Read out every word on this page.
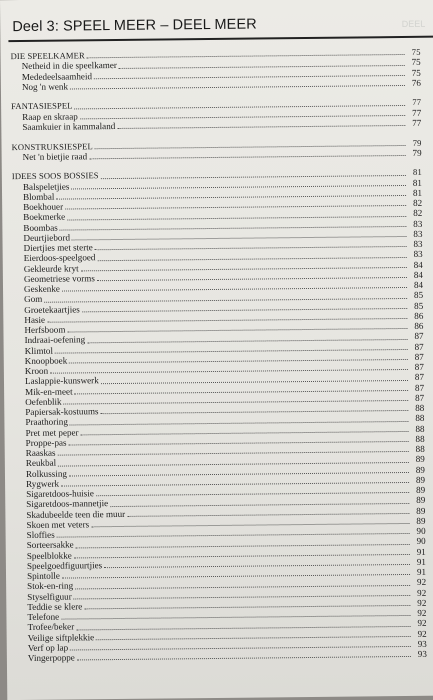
Deel 3: SPEEL MEER – DEEL MEER	DEEL
DIE SPEELKAMER	75
Netheid in die speelkamer	75
Mededeelsaamheid	75
Nog 'n wenk	76
FANTASIESPEL	77
Raap en skraap	77
Saamkuier in kammaland	77
KONSTRUKSIESPEL	79
Net 'n bietjie raad	79
IDEES SOOS BOSSIES	81
Balspeletjies	81
Blombal	81
Boekhouer	82
Boekmerke	82
Boombas	83
Deurtjiebord	83
Diertjies met sterte	83
Eierdoos-speelgoed	83
Gekleurde kryt	84
Geometriese vorms	84
Geskenke	84
Gom	85
Groetekaartjies	85
Hasie	86
Herfsboom	86
Indraai-oefening	87
Klimtol	87
Knoopboek	87
Kroon	87
Laslappie-kunswerk	87
Mik-en-meet	87
Oefenblik	87
Papiersak-kostuums	88
Praathoring	88
Pret met peper	88
Proppe-pas	88
Raaskas	88
Reukbal	89
Rolkussing	89
Rygwerk	89
Sigaretdoos-huisie	89
Sigaretdoos-mannetjie	89
Skadubeelde teen die muur	89
Skoen met veters	89
Sloffies	90
Sorteersakke	90
Speelblokke	91
Speelgoedfiguurtjies	91
Spintolle	91
Stok-en-ring	92
Styselfiguur	92
Teddie se klere	92
Telefone	92
Trofee/beker	92
Veilige siftplekkie	92
Verf op lap	93
Vingerpoppe	93
